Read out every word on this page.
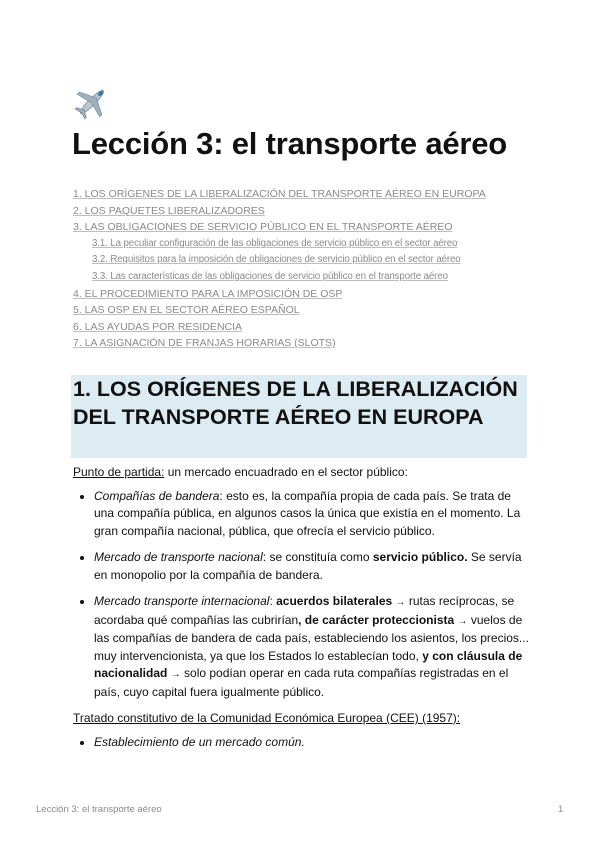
Lección 3: el transporte aéreo
1. LOS ORÍGENES DE LA LIBERALIZACIÓN DEL TRANSPORTE AÉREO EN EUROPA
2. LOS PAQUETES LIBERALIZADORES
3. LAS OBLIGACIONES DE SERVICIO PÚBLICO EN EL TRANSPORTE AÉREO
3.1. La peculiar configuración de las obligaciones de servicio público en el sector aéreo
3.2. Requisitos para la imposición de obligaciones de servicio público en el sector aéreo
3.3. Las características de las obligaciones de servicio público en el transporte aéreo
4. EL PROCEDIMIENTO PARA LA IMPOSICIÓN DE OSP
5. LAS OSP EN EL SECTOR AÉREO ESPAÑOL
6. LAS AYUDAS POR RESIDENCIA
7. LA ASIGNACIÓN DE FRANJAS HORARIAS (SLOTS)
1. LOS ORÍGENES DE LA LIBERALIZACIÓN DEL TRANSPORTE AÉREO EN EUROPA

Punto de partida: un mercado encuadrado en el sector público:

• Compañías de bandera: esto es, la compañía propia de cada país. Se trata de una compañía pública, en algunos casos la única que existía en el momento. La gran compañía nacional, pública, que ofrecía el servicio público.
• Mercado de transporte nacional: se constituía como servicio público. Se servía en monopolio por la compañía de bandera.
• Mercado transporte internacional: acuerdos bilaterales → rutas recíprocas, se acordaba qué compañías las cubrirían, de carácter proteccionista → vuelos de las compañías de bandera de cada país, estableciendo los asientos, los precios... muy intervencionista, ya que los Estados lo establecían todo, y con cláusula de nacionalidad → solo podían operar en cada ruta compañías registradas en el país, cuyo capital fuera igualmente público.

Tratado constitutivo de la Comunidad Económica Europea (CEE) (1957):

• Establecimiento de un mercado común.
Lección 3: el transporte aéreo	1
